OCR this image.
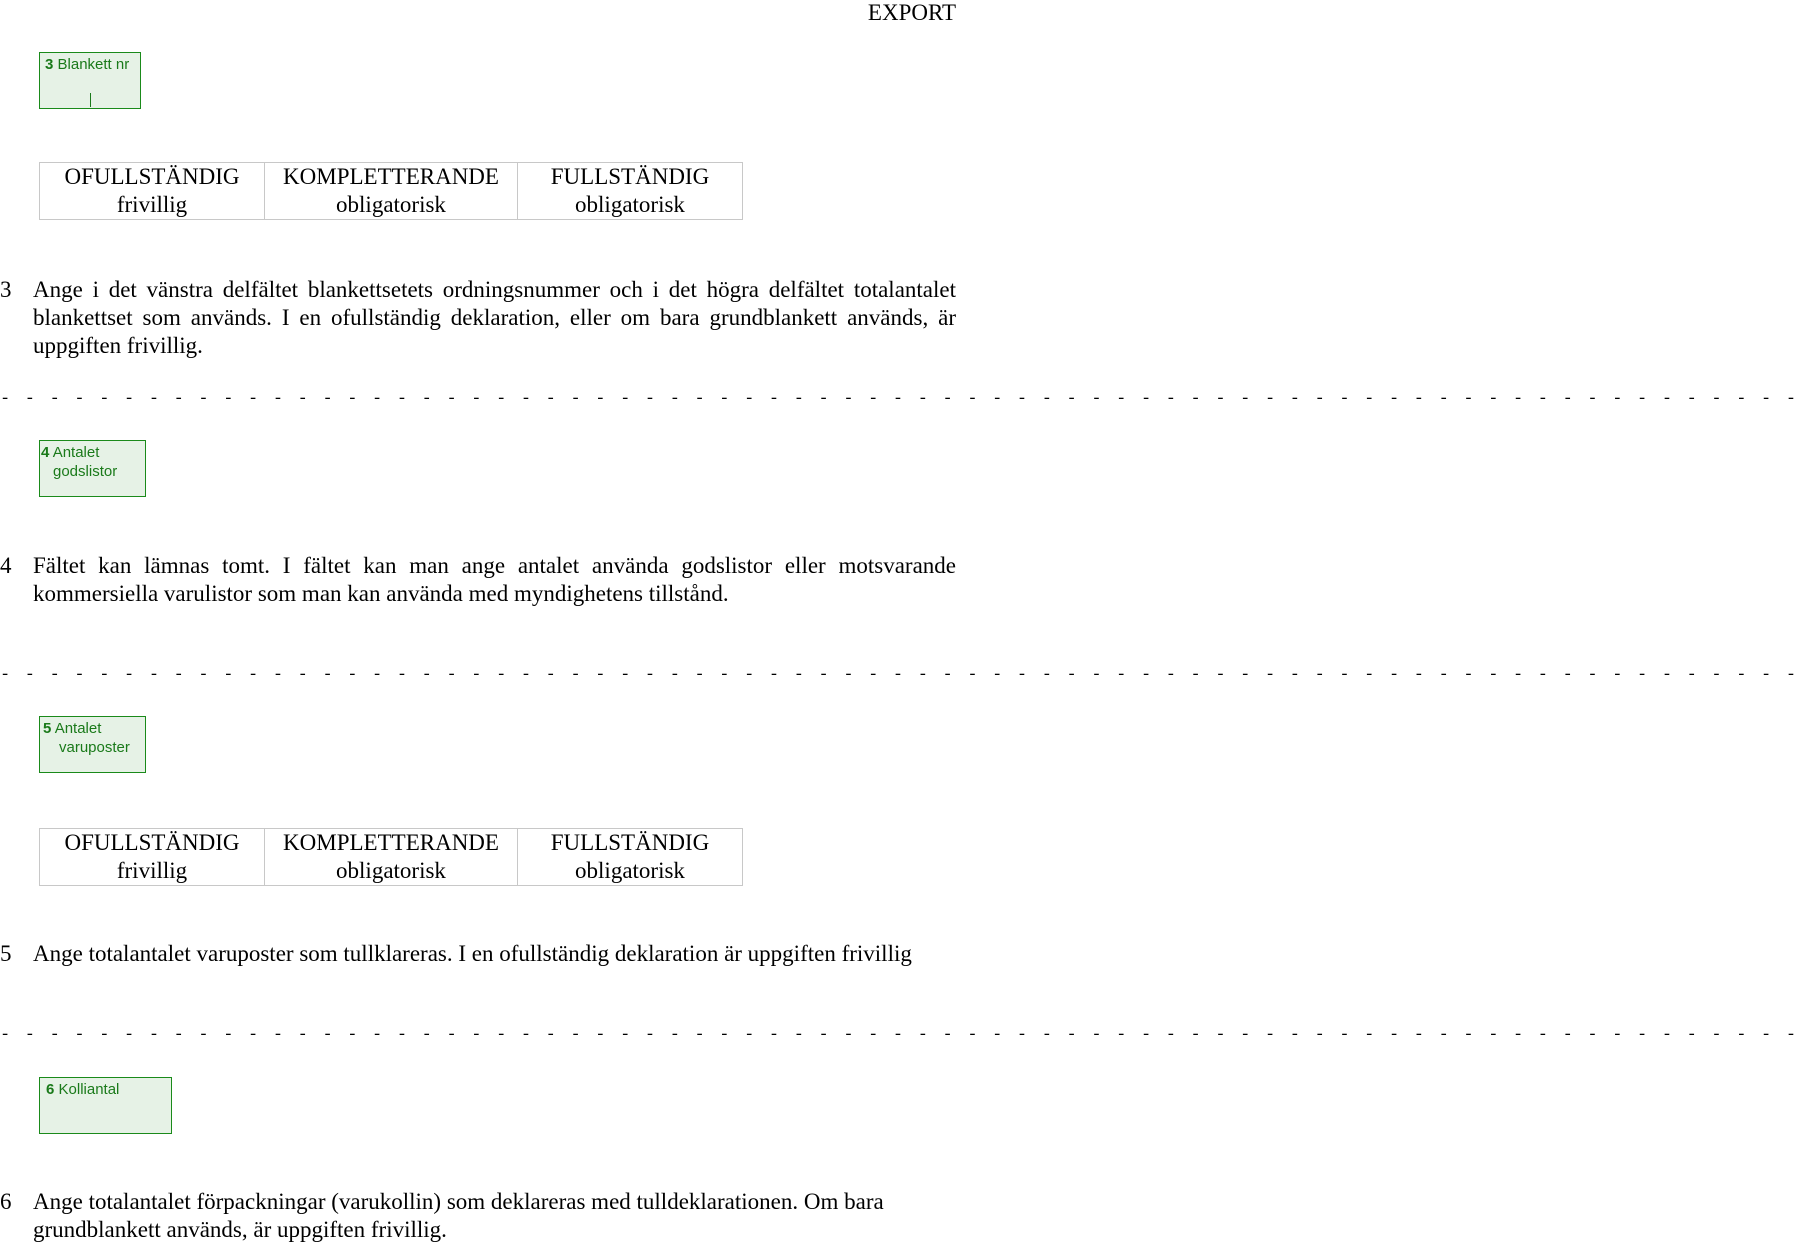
EXPORT
3 Blankett nr
OFULLSTÄNDIG	KOMPLETTERANDE	FULLSTÄNDIG
frivillig	obligatorisk	obligatorisk
3 Ange i det vänstra delfältet blankettsetets ordningsnummer och i det högra delfältet totalantalet blankettset som används. I en ofullständig deklaration, eller om bara grundblankett används, är uppgiften frivillig.
- - - - - - - - - - - - - - - - - - - - - - - - - - - - - - - - - - - - - - - - - - - - - - - - - - - - - - - - - - - - - - - - - - - - - - - - -
4 Antalet
godslistor
4 Fältet kan lämnas tomt. I fältet kan man ange antalet använda godslistor eller motsvarande kommersiella varulistor som man kan använda med myndighetens tillstånd.
- - - - - - - - - - - - - - - - - - - - - - - - - - - - - - - - - - - - - - - - - - - - - - - - - - - - - - - - - - - - - - - - - - - - - - - - -
5 Antalet
varuposter
OFULLSTÄNDIG	KOMPLETTERANDE	FULLSTÄNDIG
frivillig	obligatorisk	obligatorisk
5 Ange totalantalet varuposter som tullklareras. I en ofullständig deklaration är uppgiften frivillig
- - - - - - - - - - - - - - - - - - - - - - - - - - - - - - - - - - - - - - - - - - - - - - - - - - - - - - - - - - - - - - - - - - - - - - - - -
6 Kolliantal
6 Ange totalantalet förpackningar (varukollin) som deklareras med tulldeklarationen. Om bara grundblankett används, är uppgiften frivillig.
